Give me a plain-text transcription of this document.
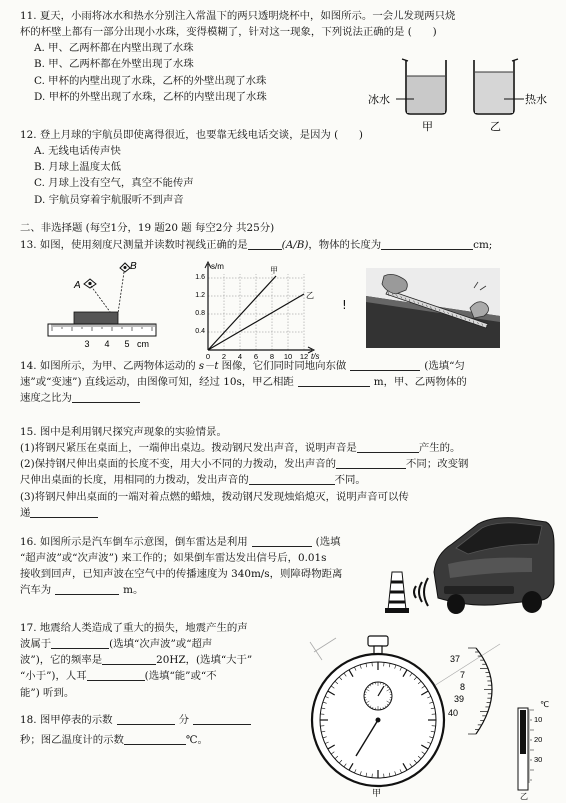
11. 夏天，小雨将冰水和热水分别注入常温下的两只透明烧杯中，如图所示。一会儿发现两只烧
杯的杯壁上都有一部分出现小水珠，变得模糊了，针对这一现象，下列说法正确的是 (　　)
A. 甲、乙两杯都在内壁出现了水珠
B. 甲、乙两杯都在外壁出现了水珠
C. 甲杯的内壁出现了水珠，乙杯的外壁出现了水珠
D. 甲杯的外壁出现了水珠，乙杯的内壁出现了水珠	冰水	热水
甲	乙
12. 登上月球的宇航员即使离得很近，也要靠无线电话交谈，是因为 (　　)
A. 无线电话传声快
B. 月球上温度太低
C. 月球上没有空气，真空不能传声
D. 宇航员穿着宇航服听不到声音
二、非选择题 (每空1分，19 题20 题 每空2分 共25分)
13. 如图，使用刻度尺测量并读数时视线正确的是	(A/B)，物体的长度为	cm;
A
B
3 4 5 cm
s/m
t/s
甲
乙
0.4
0.8
1.2
1.6
0 2 4 6 8 10 12
!
14. 如图所示，为甲、乙两物体运动的 s－t 图像，它们同时同地向东做	(选填“匀
速”或“变速”) 直线运动，由图像可知，经过 10s，甲乙相距	m，甲、乙两物体的
速度之比为
15. 图中是利用钢尺探究声现象的实验情景。
(1)将钢尺紧压在桌面上，一端伸出桌边。拨动钢尺发出声音，说明声音是	产生的。
(2)保持钢尺伸出桌面的长度不变，用大小不同的力拨动，发出声音的	不同；改变钢
尺伸出桌面的长度，用相同的力拨动，发出声音的	不同。
(3)将钢尺伸出桌面的一端对着点燃的蜡烛，拨动钢尺发现烛焰熄灭，说明声音可以传
递
16. 如图所示是汽车倒车示意图，倒车雷达是利用	(选填
“超声波”或“次声波”) 来工作的；如果倒车雷达发出信号后，0.01s
接收到回声，已知声波在空气中的传播速度为 340m/s，则障碍物距离
汽车为	m。
17. 地震给人类造成了重大的损失，地震产生的声
波属于	(选填“次声波”或“超声
波”)，它的频率是	20HZ，(选填“大于”
“小于”)，人耳	(选填“能”或“不
能”) 听到。
18. 图甲停表的示数	分
秒；图乙温度计的示数	℃。
37
7
8
39
40
甲
℃
10
20
30
乙
